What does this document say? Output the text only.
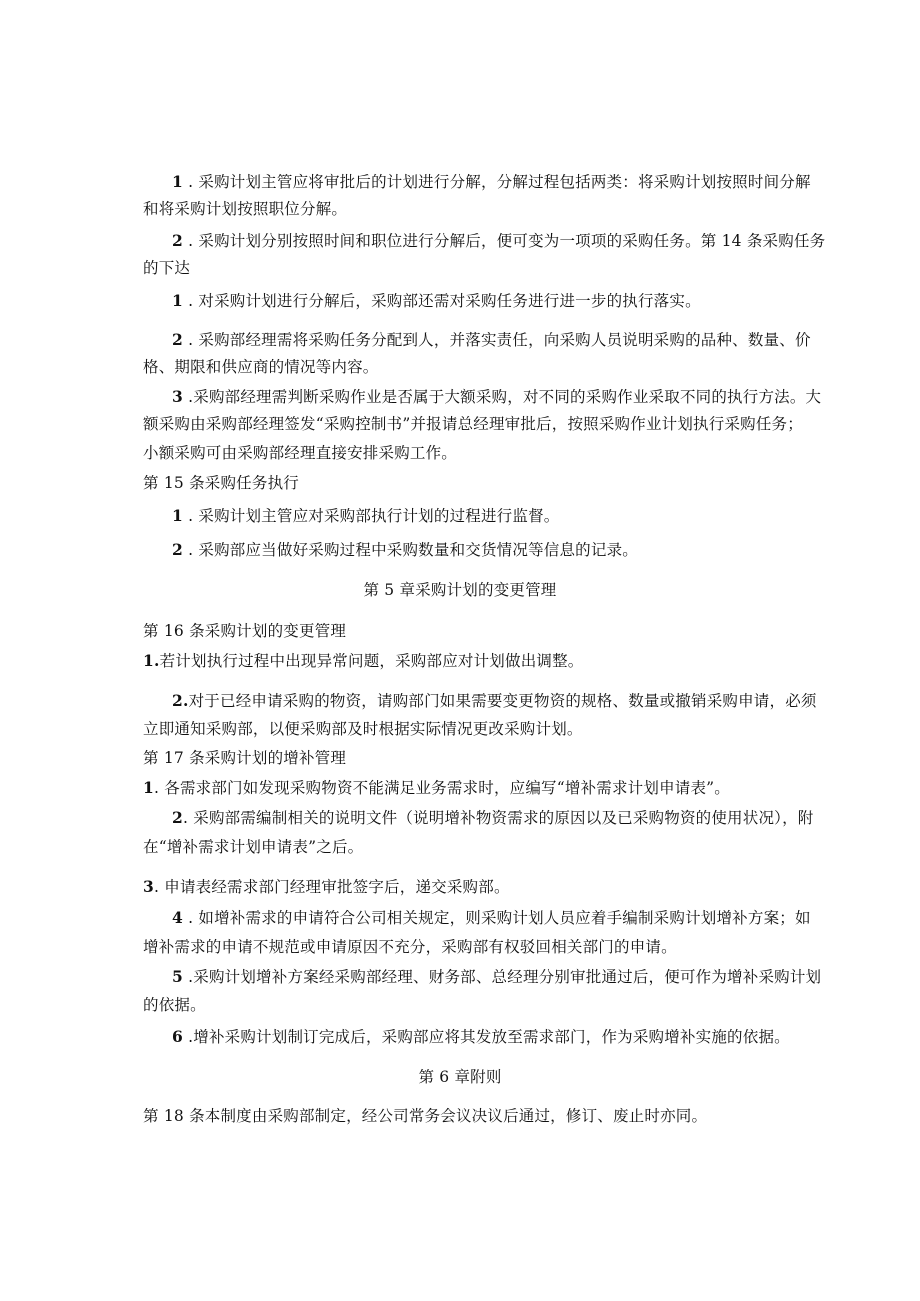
1 . 采购计划主管应将审批后的计划进行分解，分解过程包括两类：将采购计划按照时间分解
和将采购计划按照职位分解。
2 . 采购计划分别按照时间和职位进行分解后，便可变为一项项的采购任务。第 14 条采购任务
的下达
1 . 对采购计划进行分解后，采购部还需对采购任务进行进一步的执行落实。
2 . 采购部经理需将采购任务分配到人，并落实责任，向采购人员说明采购的品种、数量、价
格、期限和供应商的情况等内容。
3 .采购部经理需判断采购作业是否属于大额采购，对不同的采购作业采取不同的执行方法。大
额采购由采购部经理签发“采购控制书”并报请总经理审批后，按照采购作业计划执行采购任务；
小额采购可由采购部经理直接安排采购工作。
第 15 条采购任务执行
1 . 采购计划主管应对采购部执行计划的过程进行监督。
2 . 采购部应当做好采购过程中采购数量和交货情况等信息的记录。
第 5 章采购计划的变更管理
第 16 条采购计划的变更管理
1.若计划执行过程中出现异常问题，采购部应对计划做出调整。
2.对于已经申请采购的物资，请购部门如果需要变更物资的规格、数量或撤销采购申请，必须
立即通知采购部，以便采购部及时根据实际情况更改采购计划。
第 17 条采购计划的增补管理
1. 各需求部门如发现采购物资不能满足业务需求时，应编写“增补需求计划申请表”。
2. 采购部需编制相关的说明文件（说明增补物资需求的原因以及已采购物资的使用状况），附
在“增补需求计划申请表”之后。
3. 申请表经需求部门经理审批签字后，递交采购部。
4 . 如增补需求的申请符合公司相关规定，则采购计划人员应着手编制采购计划增补方案；如
增补需求的申请不规范或申请原因不充分，采购部有权驳回相关部门的申请。
5 .采购计划增补方案经采购部经理、财务部、总经理分别审批通过后，便可作为增补采购计划
的依据。
6 .增补采购计划制订完成后，采购部应将其发放至需求部门，作为采购增补实施的依据。
第 6 章附则
第 18 条本制度由采购部制定，经公司常务会议决议后通过，修订、废止时亦同。
